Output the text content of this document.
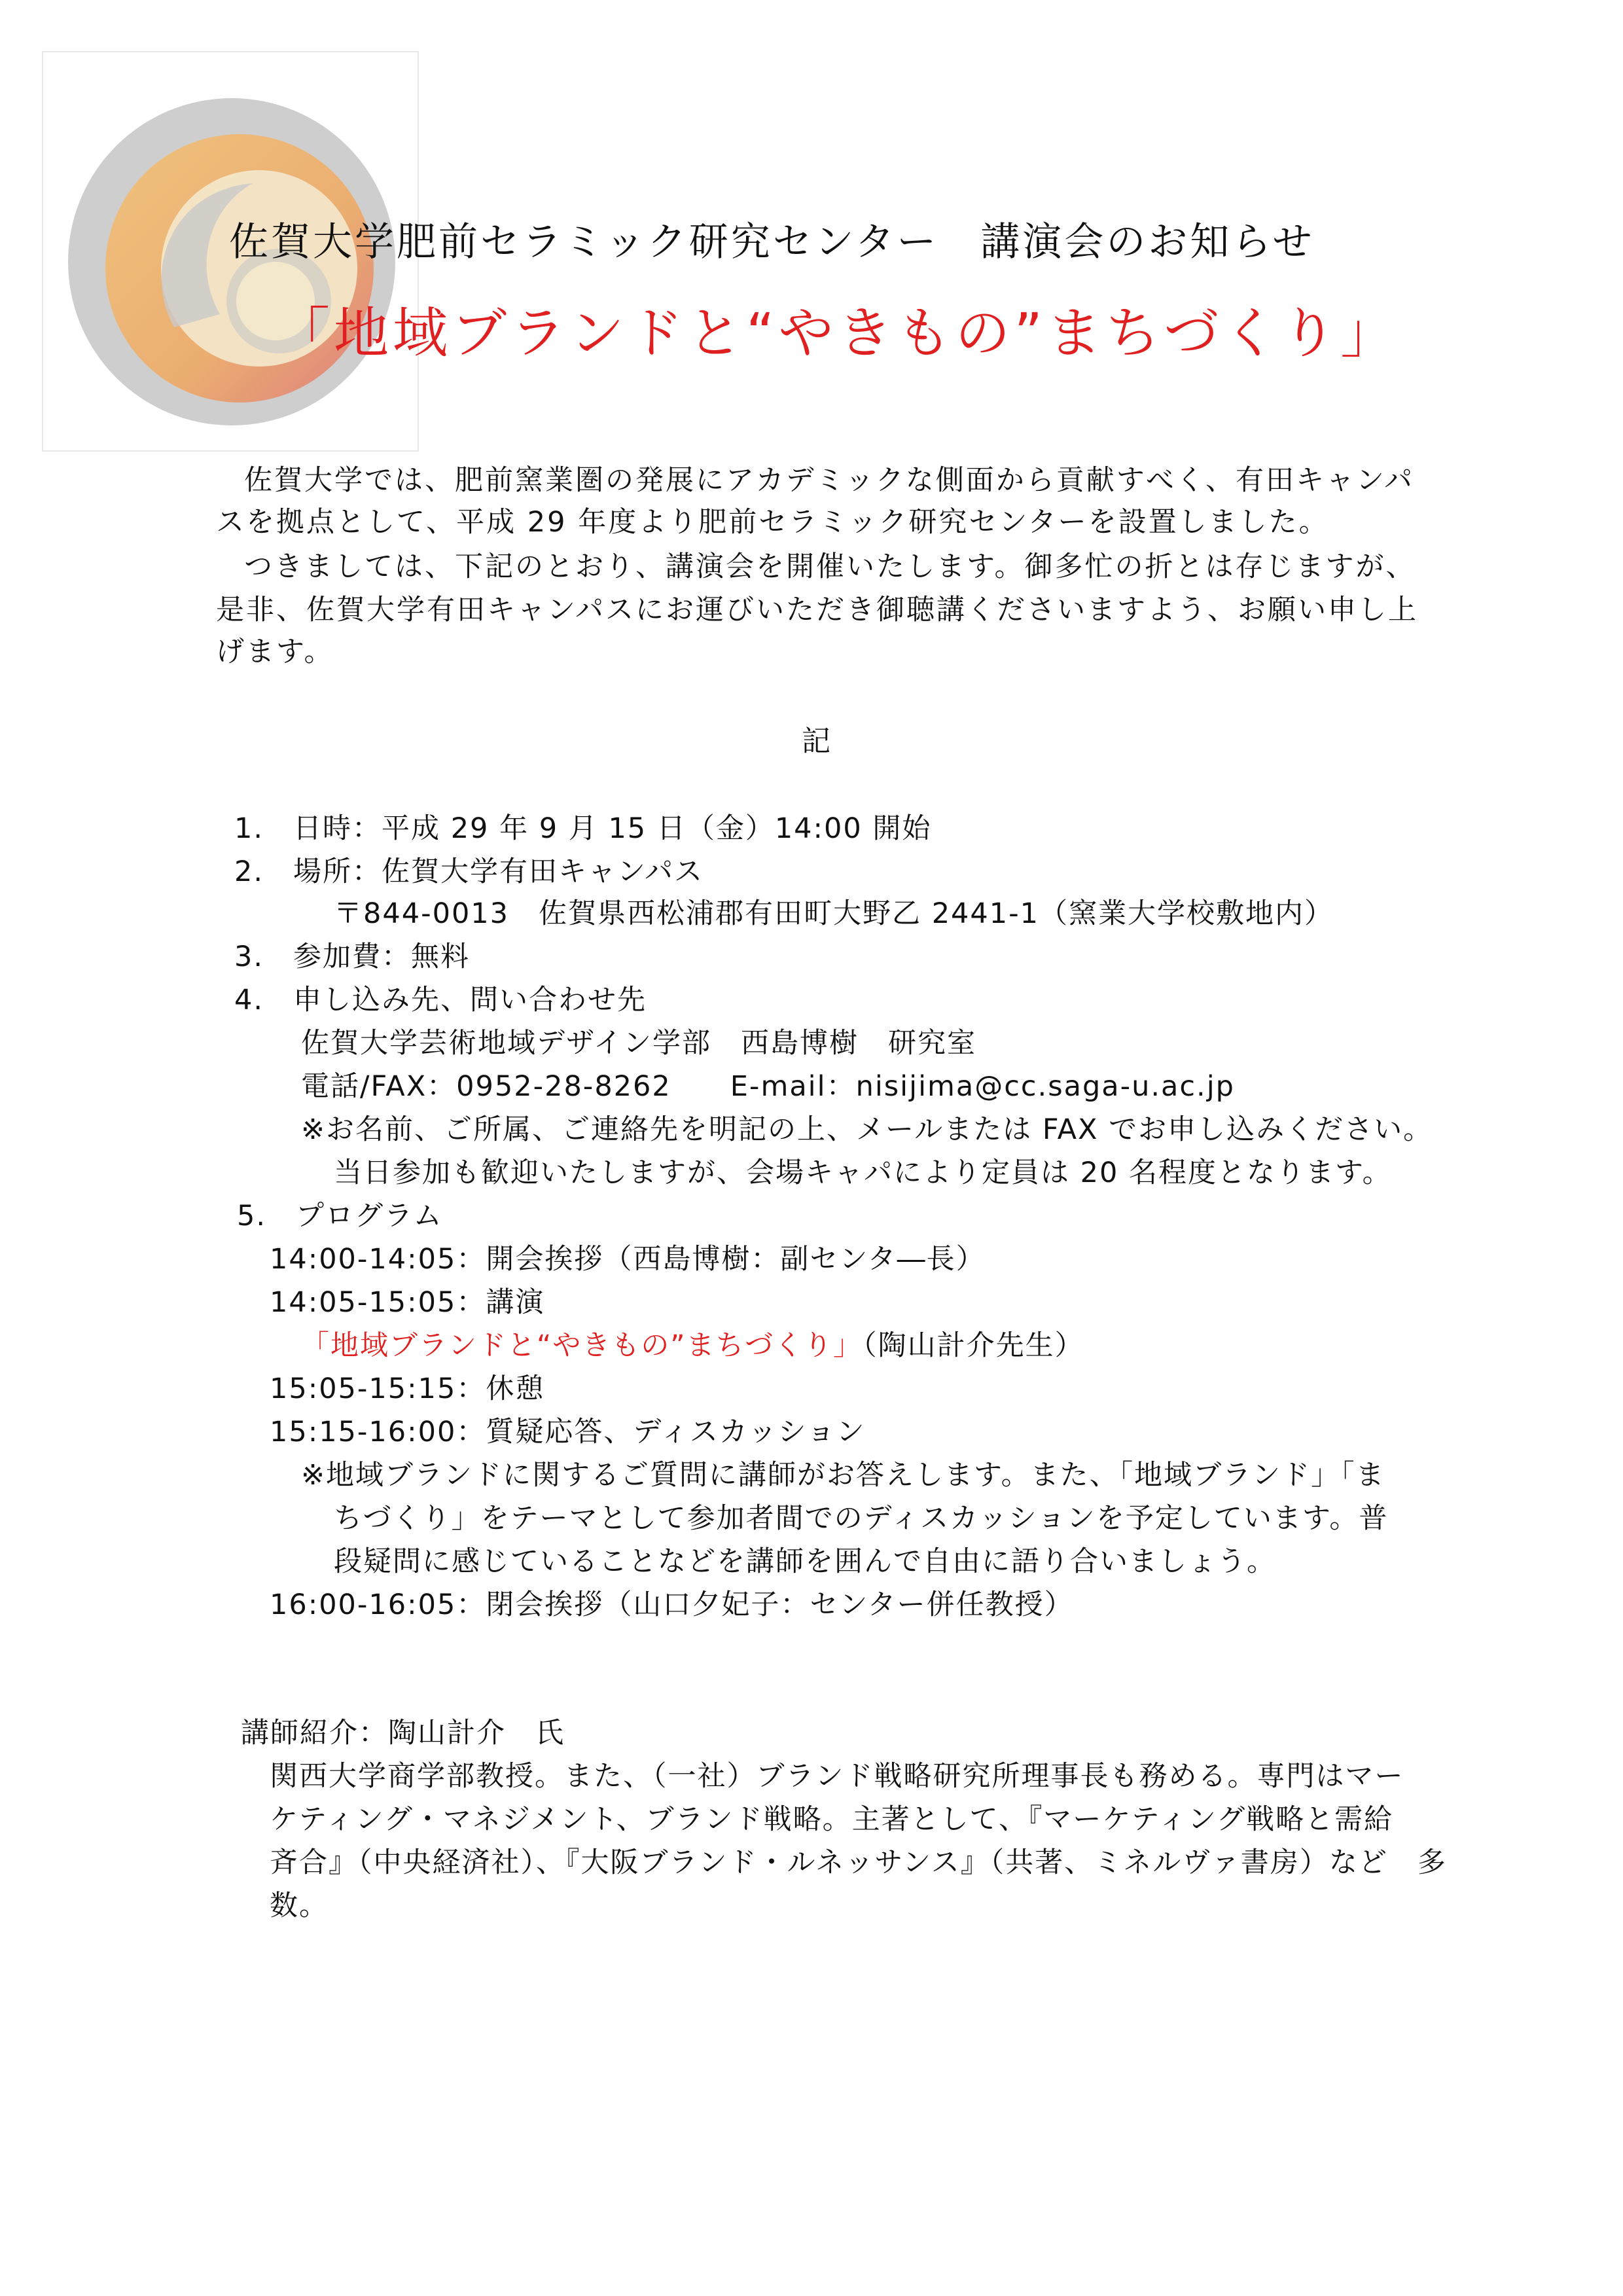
佐賀大学肥前セラミック研究センター　講演会のお知らせ
「地域ブランドと“やきもの”まちづくり」
佐賀大学では、肥前窯業圏の発展にアカデミックな側面から貢献すべく、有田キャンパ
スを拠点として、平成 29 年度より肥前セラミック研究センターを設置しました。
つきましては、下記のとおり、講演会を開催いたします。御多忙の折とは存じますが、
是非、佐賀大学有田キャンパスにお運びいただき御聴講くださいますよう、お願い申し上
げます。
記
1.　日時：平成 29 年 9 月 15 日（金）14:00 開始
2.　場所：佐賀大学有田キャンパス
〒844-0013　佐賀県西松浦郡有田町大野乙 2441-1（窯業大学校敷地内）
3.　参加費：無料
4.　申し込み先、問い合わせ先
佐賀大学芸術地域デザイン学部　西島博樹　研究室
電話/FAX：0952-28-8262　　E-mail：nisijima@cc.saga-u.ac.jp
※お名前、ご所属、ご連絡先を明記の上、メールまたは FAX でお申し込みください。
当日参加も歓迎いたしますが、会場キャパにより定員は 20 名程度となります。
5.　プログラム
14:00-14:05：開会挨拶（西島博樹：副センタ―長）
14:05-15:05：講演
「地域ブランドと“やきもの”まちづくり」（陶山計介先生）
15:05-15:15：休憩
15:15-16:00：質疑応答、ディスカッション
※地域ブランドに関するご質問に講師がお答えします。また、「地域ブランド」「ま
ちづくり」をテーマとして参加者間でのディスカッションを予定しています。普
段疑問に感じていることなどを講師を囲んで自由に語り合いましょう。
16:00-16:05：閉会挨拶（山口夕妃子：センター併任教授）
講師紹介：陶山計介　氏
関西大学商学部教授。また、（一社）ブランド戦略研究所理事長も務める。専門はマー
ケティング・マネジメント、ブランド戦略。主著として、『マーケティング戦略と需給
斉合』（中央経済社）、『大阪ブランド・ルネッサンス』（共著、ミネルヴァ書房）など　多
数。
